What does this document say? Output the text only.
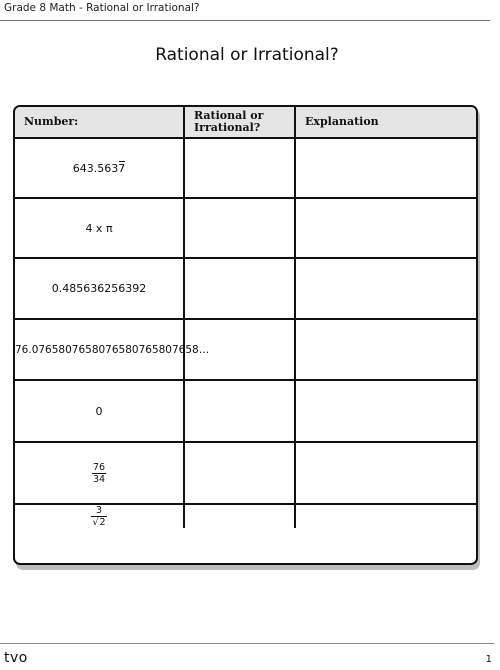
Grade 8 Math - Rational or Irrational?
Rational or Irrational?
Number:	Rational or Irrational?	Explanation
643.5637		
4 x π		
0.485636256392		
76.0765807658076580765807658…		
0		

$\frac{76}{34}$

$\frac{3}{√2}$

tvo	1
